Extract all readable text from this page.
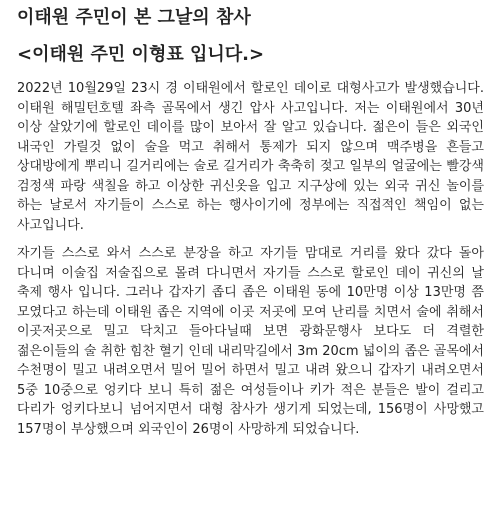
이태원 주민이 본 그날의 참사
<이태원 주민 이형표 입니다.>

2022년 10월29일 23시 경 이태원에서 할로인 데이로 대형사고가 발생했습니다. 이태원 해밀턴호텔 좌측 골목에서 생긴 압사 사고입니다. 저는 이태원에서 30년 이상 살았기에 할로인 데이를 많이 보아서 잘 알고 있습니다. 젊은이 들은 외국인 내국인 가릴것 없이 술을 먹고 취해서 통제가 되지 않으며 맥주병을 흔들고 상대방에게 뿌리니 길거리에는 술로 길거리가 축축히 젖고 일부의 얼굴에는 빨강색 검정색 파랑 색칠을 하고 이상한 귀신옷을 입고 지구상에 있는 외국 귀신 놀이를 하는 날로서 자기들이 스스로 하는 행사이기에 정부에는 직접적인 책임이 없는 사고입니다.

자기들 스스로 와서 스스로 분장을 하고 자기들 맘대로 거리를 왔다 갔다 돌아 다니며 이술집 저술집으로 몰려 다니면서 자기들 스스로 할로인 데이 귀신의 날 축제 행사 입니다. 그러나 갑자기 좁디 좁은 이태원 동에 10만명 이상 13만명 쯤 모였다고 하는데 이태원 좁은 지역에 이곳 저곳에 모여 난리를 치면서 술에 취해서 이곳저곳으로 밀고 닥치고 들아다닐때 보면 광화문행사 보다도 더 격렬한 젊은이들의 술 취한 힘찬 혈기 인데 내리막길에서 3m 20cm 넓이의 좁은 골목에서 수천명이 밀고 내려오면서 밀어 밀어 하면서 밀고 내려 왔으니 갑자기 내려오면서 5중 10중으로 엉키다 보니 특히 젊은 여성들이나 키가 적은 분들은 발이 걸리고 다리가 엉키다보니 넘어지면서 대형 참사가 생기게 되었는데, 156명이 사망했고 157명이 부상했으며 외국인이 26명이 사망하게 되었습니다.
